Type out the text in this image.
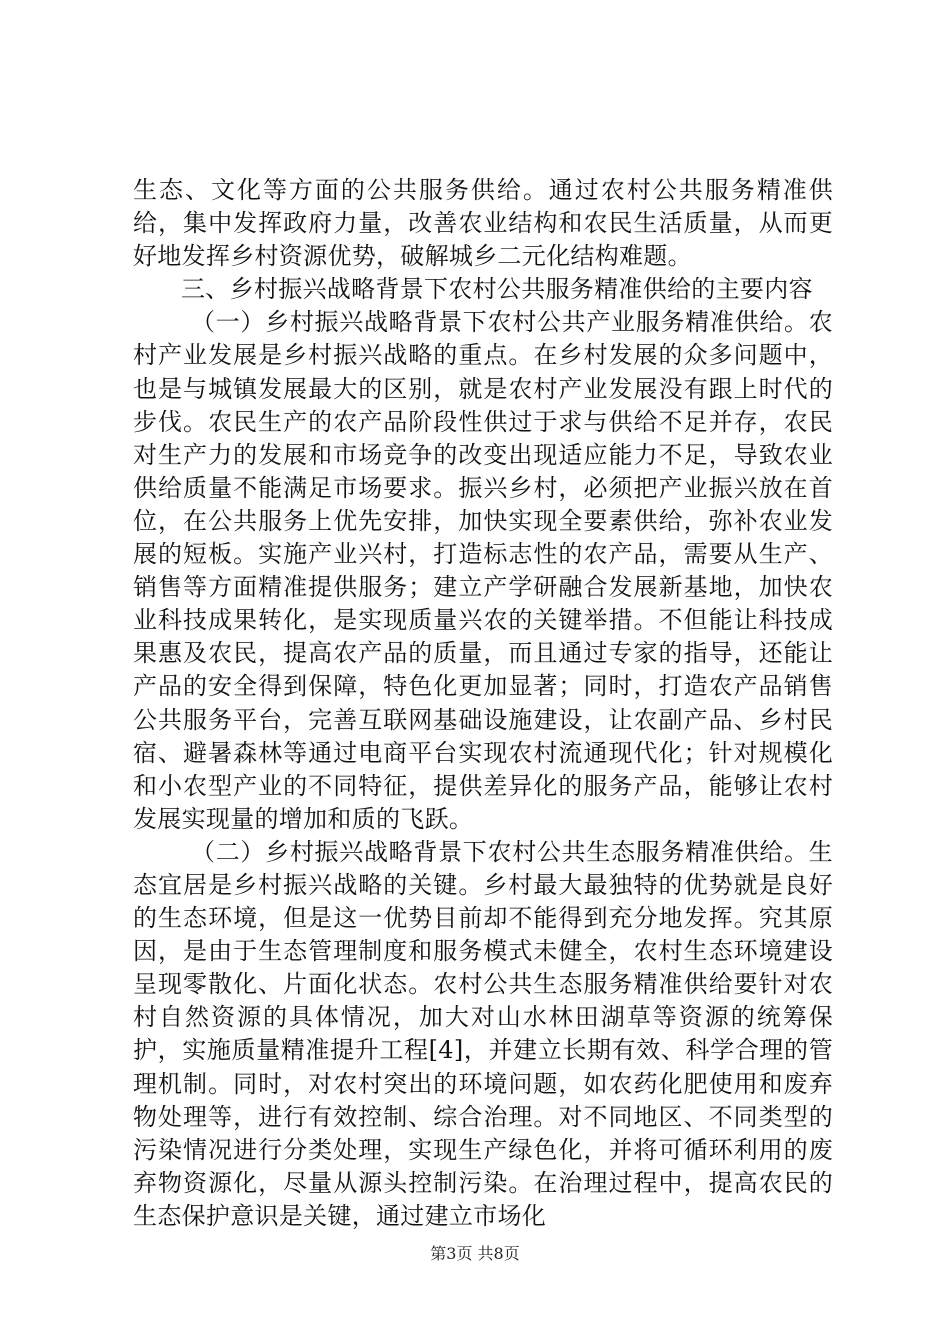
生态、文化等方面的公共服务供给。通过农村公共服务精准供给，集中发挥政府力量，改善农业结构和农民生活质量，从而更好地发挥乡村资源优势，破解城乡二元化结构难题。

三、乡村振兴战略背景下农村公共服务精准供给的主要内容

（一）乡村振兴战略背景下农村公共产业服务精准供给。农村产业发展是乡村振兴战略的重点。在乡村发展的众多问题中，也是与城镇发展最大的区别，就是农村产业发展没有跟上时代的步伐。农民生产的农产品阶段性供过于求与供给不足并存，农民对生产力的发展和市场竞争的改变出现适应能力不足，导致农业供给质量不能满足市场要求。振兴乡村，必须把产业振兴放在首位，在公共服务上优先安排，加快实现全要素供给，弥补农业发展的短板。实施产业兴村，打造标志性的农产品，需要从生产、销售等方面精准提供服务；建立产学研融合发展新基地，加快农业科技成果转化，是实现质量兴农的关键举措。不但能让科技成果惠及农民，提高农产品的质量，而且通过专家的指导，还能让产品的安全得到保障，特色化更加显著；同时，打造农产品销售公共服务平台，完善互联网基础设施建设，让农副产品、乡村民宿、避暑森林等通过电商平台实现农村流通现代化；针对规模化和小农型产业的不同特征，提供差异化的服务产品，能够让农村发展实现量的增加和质的飞跃。

（二）乡村振兴战略背景下农村公共生态服务精准供给。生态宜居是乡村振兴战略的关键。乡村最大最独特的优势就是良好的生态环境，但是这一优势目前却不能得到充分地发挥。究其原因，是由于生态管理制度和服务模式未健全，农村生态环境建设呈现零散化、片面化状态。农村公共生态服务精准供给要针对农村自然资源的具体情况，加大对山水林田湖草等资源的统筹保护，实施质量精准提升工程[4]，并建立长期有效、科学合理的管理机制。同时，对农村突出的环境问题，如农药化肥使用和废弃物处理等，进行有效控制、综合治理。对不同地区、不同类型的污染情况进行分类处理，实现生产绿色化，并将可循环利用的废弃物资源化，尽量从源头控制污染。在治理过程中，提高农民的生态保护意识是关键，通过建立市场化

第3页 共8页
